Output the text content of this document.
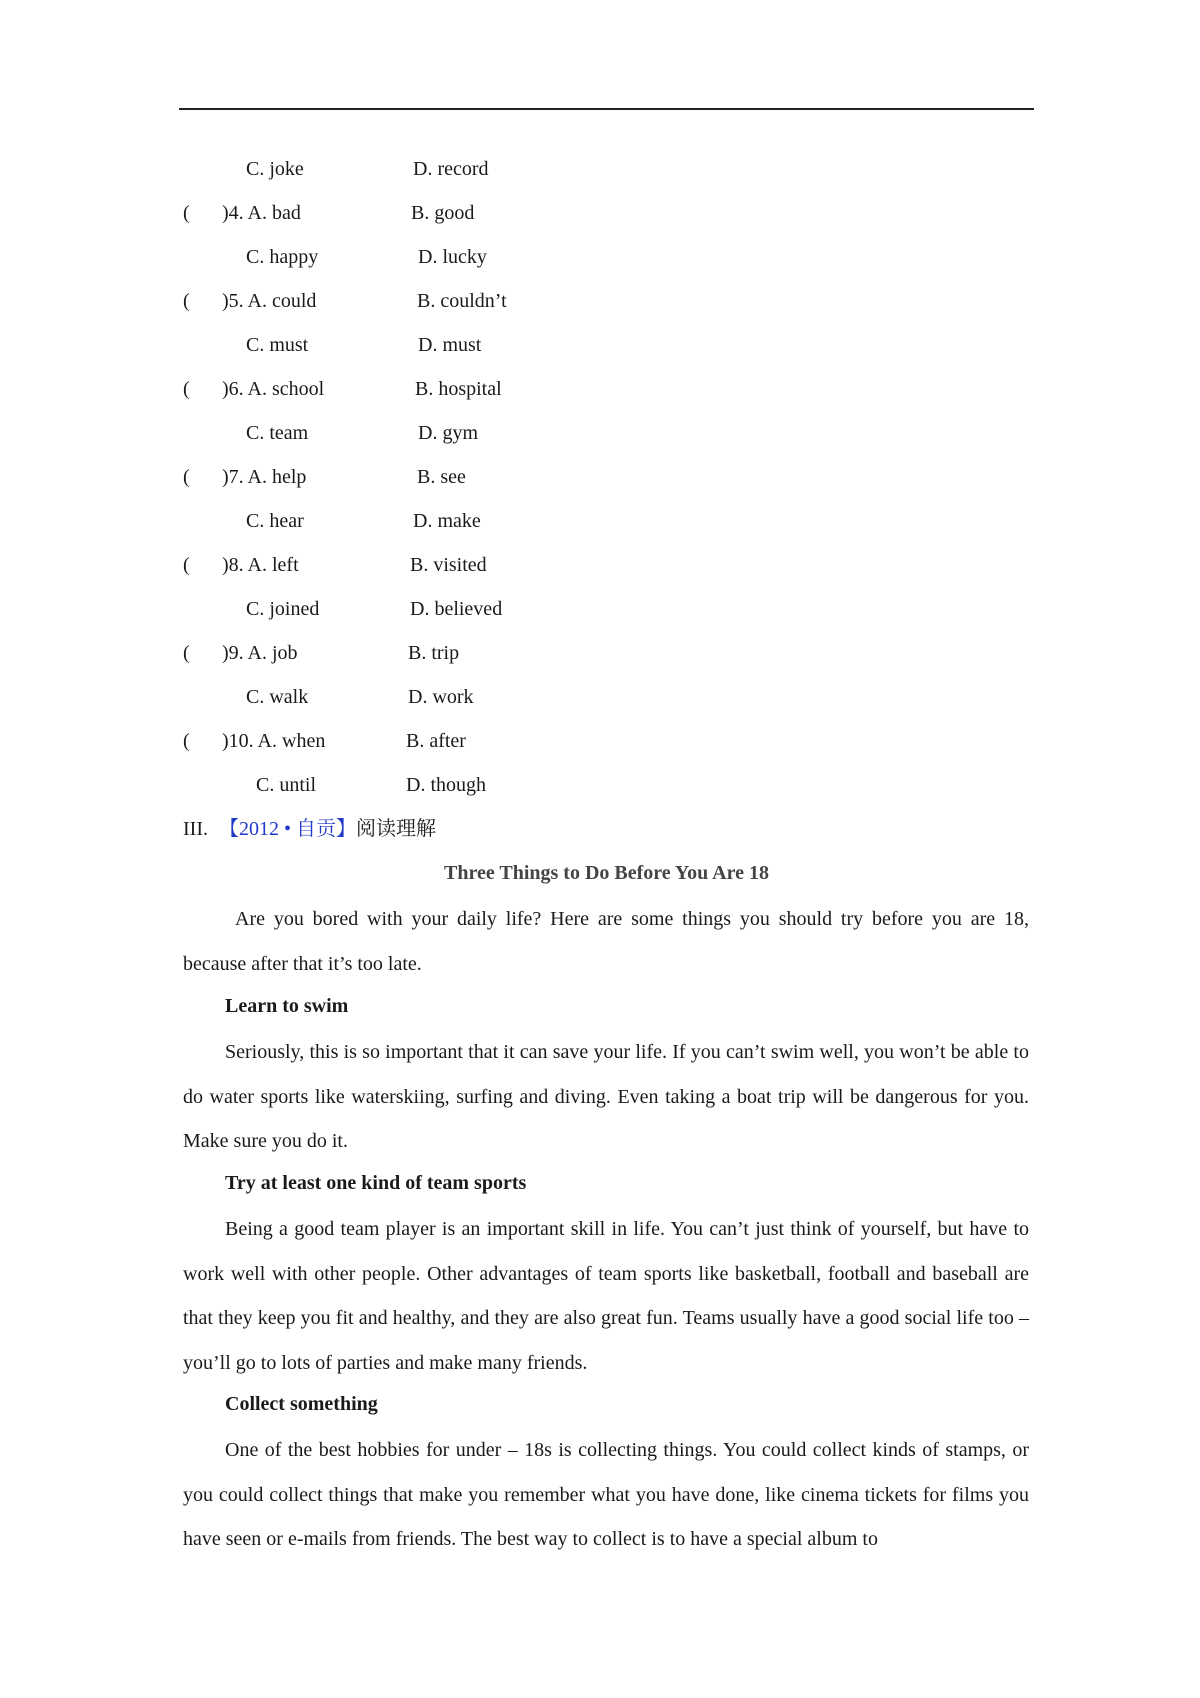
C. joke	D. record
( )4. A. bad	B. good
C. happy	D. lucky
( )5. A. could	B. couldn’t
C. must	D. must
( )6. A. school	B. hospital
C. team	D. gym
( )7. A. help	B. see
C. hear	D. make
( )8. A. left	B. visited
C. joined	D. believed
( )9. A. job	B. trip
C. walk	D. work
( )10. A. when	B. after
C. until	D. though
III. 【2012 • 自贡】阅读理解
Three Things to Do Before You Are 18
Are you bored with your daily life? Here are some things you should try before you are 18, because after that it’s too late.
Learn to swim
Seriously, this is so important that it can save your life. If you can’t swim well, you won’t be able to do water sports like waterskiing, surfing and diving. Even taking a boat trip will be dangerous for you. Make sure you do it.
Try at least one kind of team sports
Being a good team player is an important skill in life. You can’t just think of yourself, but have to work well with other people. Other advantages of team sports like basketball, football and baseball are that they keep you fit and healthy, and they are also great fun. Teams usually have a good social life too – you’ll go to lots of parties and make many friends.
Collect something
One of the best hobbies for under – 18s is collecting things. You could collect kinds of stamps, or you could collect things that make you remember what you have done, like cinema tickets for films you have seen or e-mails from friends. The best way to collect is to have a special album to
